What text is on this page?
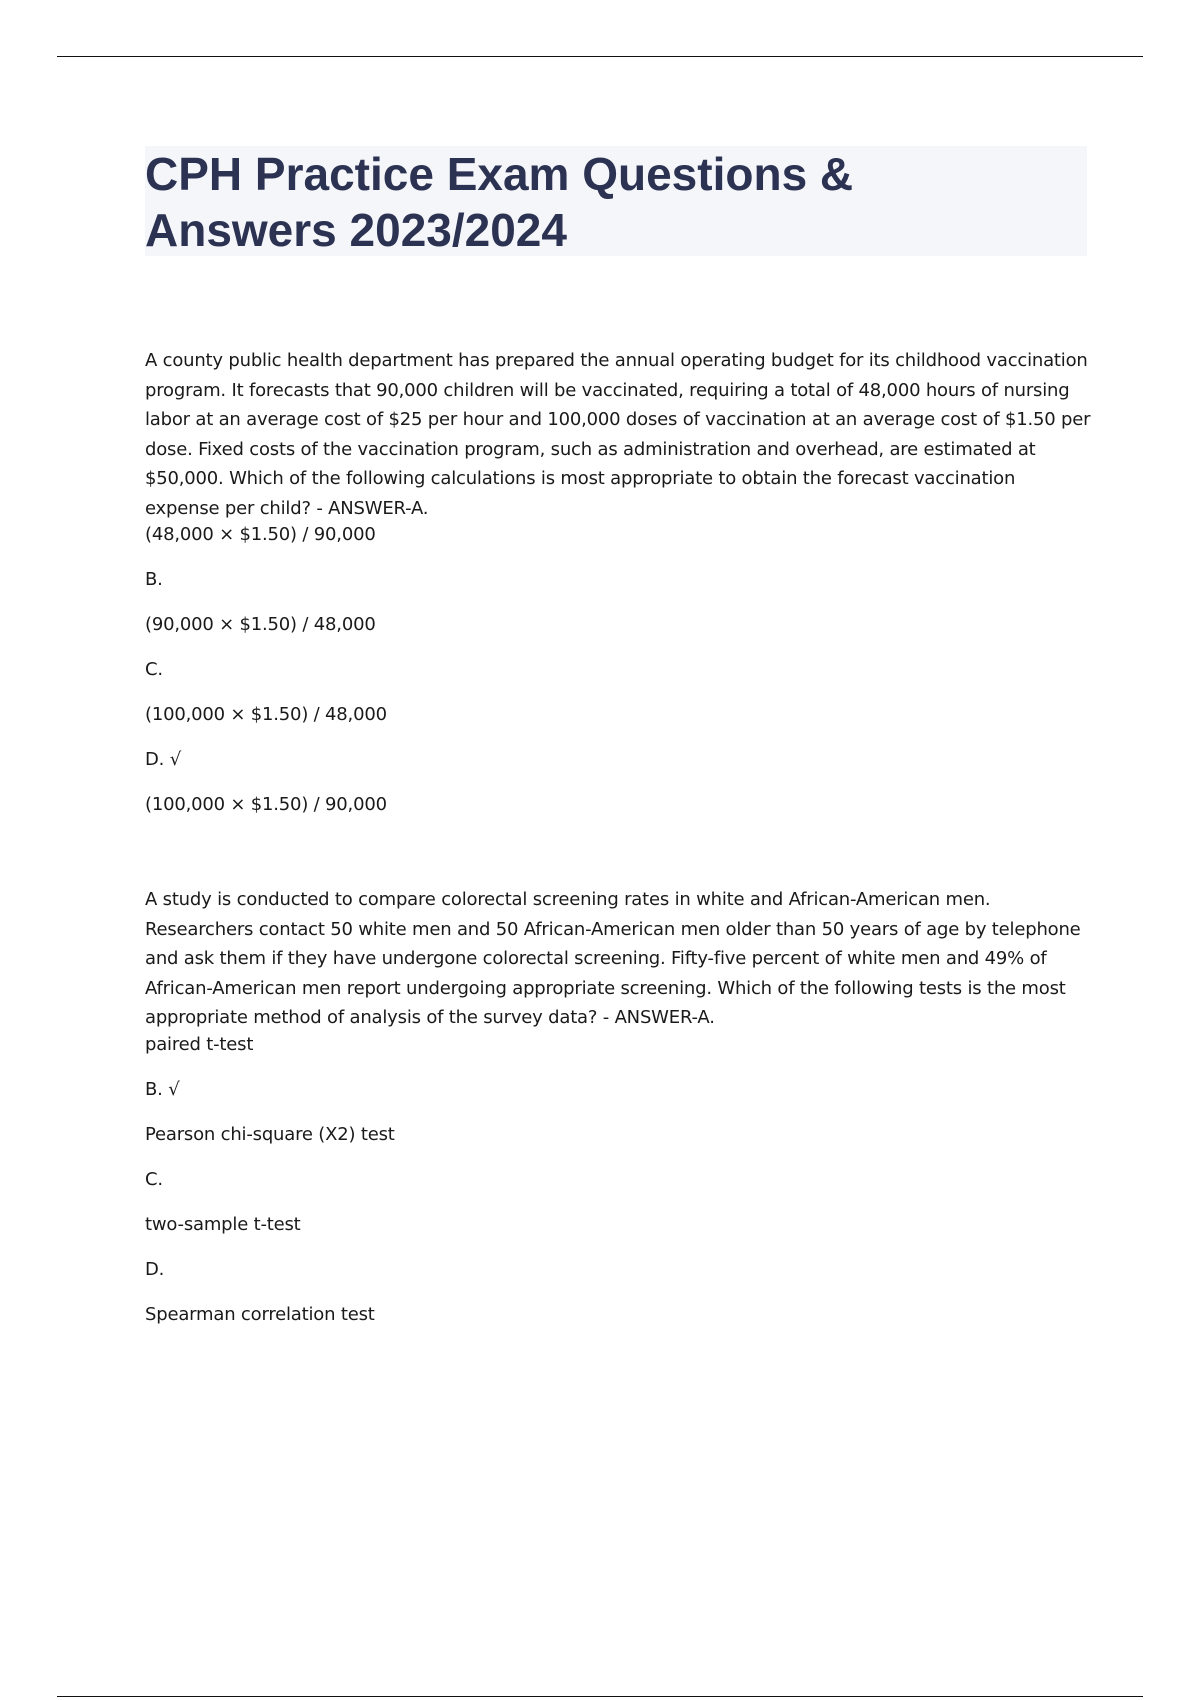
CPH Practice Exam Questions & Answers 2023/2024

A county public health department has prepared the annual operating budget for its childhood vaccination program. It forecasts that 90,000 children will be vaccinated, requiring a total of 48,000 hours of nursing labor at an average cost of $25 per hour and 100,000 doses of vaccination at an average cost of $1.50 per dose. Fixed costs of the vaccination program, such as administration and overhead, are estimated at $50,000. Which of the following calculations is most appropriate to obtain the forecast vaccination expense per child? - ANSWER-A.

(48,000 × $1.50) / 90,000

B.

(90,000 × $1.50) / 48,000

C.

(100,000 × $1.50) / 48,000

D. √

(100,000 × $1.50) / 90,000

A study is conducted to compare colorectal screening rates in white and African-American men. Researchers contact 50 white men and 50 African-American men older than 50 years of age by telephone and ask them if they have undergone colorectal screening. Fifty-five percent of white men and 49% of African-American men report undergoing appropriate screening. Which of the following tests is the most appropriate method of analysis of the survey data? - ANSWER-A.

paired t-test

B. √

Pearson chi-square (X2) test

C.

two-sample t-test

D.

Spearman correlation test
